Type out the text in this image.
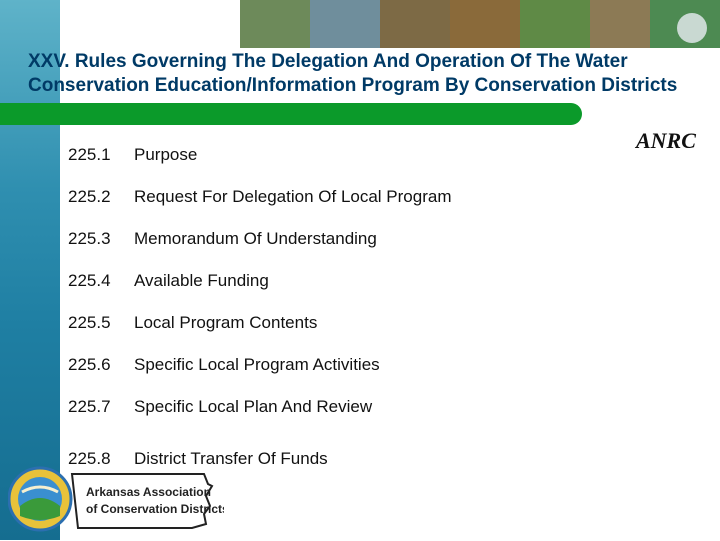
XXV. Rules Governing The Delegation And Operation Of The Water Conservation Education/Information Program By Conservation Districts
ANRC
225.1 Purpose
225.2 Request For Delegation Of Local Program
225.3 Memorandum Of Understanding
225.4 Available Funding
225.5 Local Program Contents
225.6 Specific Local Program Activities
225.7 Specific Local Plan And Review
225.8 District Transfer Of Funds
Arkansas Association
of Conservation Districts
